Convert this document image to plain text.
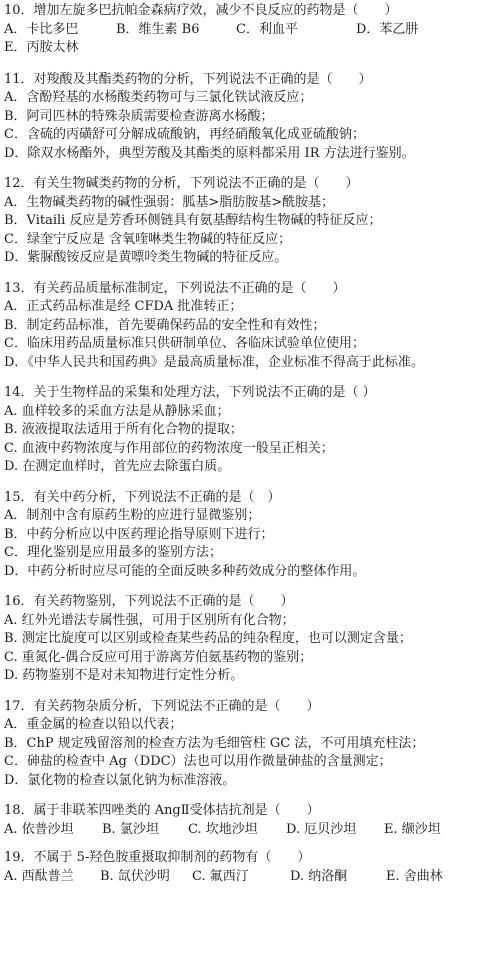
10．增加左旋多巴抗帕金森病疗效，减少不良反应的药物是（　　）
A．卡比多巴	B．维生素 B6	C．利血平	D．苯乙肼
E．丙胺太林
11．对羧酸及其酯类药物的分析，下列说法不正确的是（　　）
A．含酚羟基的水杨酸类药物可与三氯化铁试液反应；
B．阿司匹林的特殊杂质需要检查游离水杨酸；
C．含硫的丙磺舒可分解成硫酸钠，再经硝酸氧化成亚硫酸钠；
D．除双水杨酯外，典型芳酸及其酯类的原料都采用 IR 方法进行鉴别。
12．有关生物碱类药物的分析，下列说法不正确的是（　　）
A．生物碱类药物的碱性强弱：胍基>脂肪胺基>酰胺基；
B．Vitaili 反应是芳香环侧链具有氨基醇结构生物碱的特征反应；
C．绿奎宁反应是 含氧喹啉类生物碱的特征反应；
D．紫脲酸铵反应是黄嘌呤类生物碱的特征反应。
13．有关药品质量标准制定，下列说法不正确的是（　　）
A．正式药品标准是经 CFDA 批准转正；
B．制定药品标准，首先要确保药品的安全性和有效性；
C．临床用药品质量标准只供研制单位、各临床试验单位使用；
D．《中华人民共和国药典》是最高质量标准，企业标准不得高于此标准。
14．关于生物样品的采集和处理方法，下列说法不正确的是（ ）
A. 血样较多的采血方法是从静脉采血；
B. 液液提取法适用于所有化合物的提取；
C. 血液中药物浓度与作用部位的药物浓度一般呈正相关；
D. 在测定血样时，首先应去除蛋白质。
15．有关中药分析，下列说法不正确的是（　）
A．制剂中含有原药生粉的应进行显微鉴别；
B．中药分析应以中医药理论指导原则下进行；
C．理化鉴别是应用最多的鉴别方法；
D．中药分析时应尽可能的全面反映多种药效成分的整体作用。
16．有关药物鉴别，下列说法不正确的是（　　）
A. 红外光谱法专属性强，可用于区别所有化合物；
B. 测定比旋度可以区别或检查某些药品的纯杂程度，也可以测定含量；
C. 重氮化-偶合反应可用于游离芳伯氨基药物的鉴别；
D. 药物鉴别不是对未知物进行定性分析。
17．有关药物杂质分析，下列说法不正确的是（　　）
A．重金属的检查以铅以代表；
B．ChP 规定残留溶剂的检查方法为毛细管柱 GC 法，不可用填充柱法；
C．砷盐的检查中 Ag（DDC）法也可以用作微量砷盐的含量测定；
D．氯化物的检查以氯化钠为标准溶液。
18．属于非联苯四唑类的 AngⅡ受体拮抗剂是（　　）
A. 依普沙坦	B. 氯沙坦	C. 坎地沙坦	D. 厄贝沙坦	E. 缬沙坦
19．不属于 5-羟色胺重摄取抑制剂的药物有（　　）
A. 西酞普兰	B. 氙伏沙明	C. 氟西汀	D. 纳洛酮	E. 舍曲林
